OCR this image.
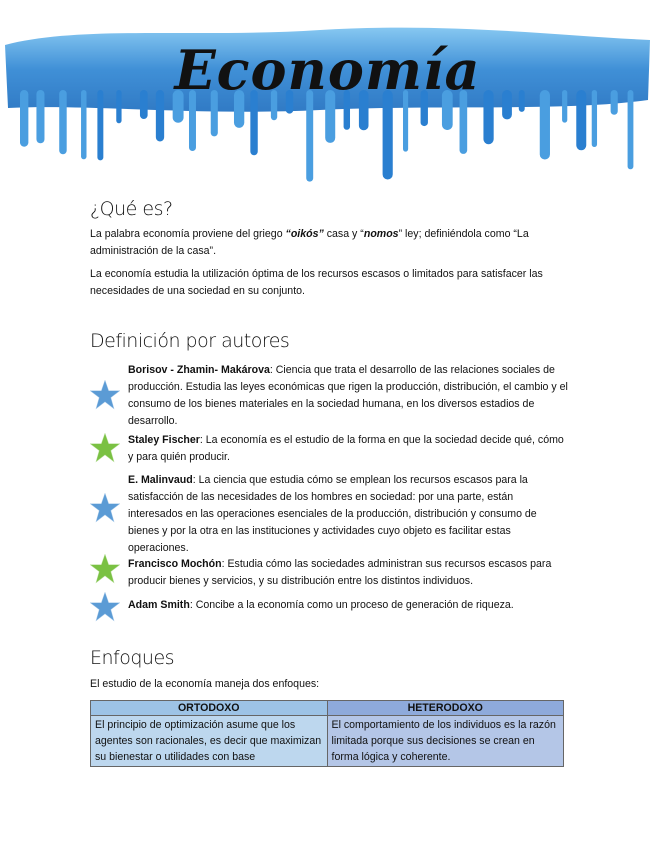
Economía
¿Qué es?
La palabra economía proviene del griego “oikós” casa y “nomos” ley; definiéndola como “La administración de la casa”.
La economía estudia la utilización óptima de los recursos escasos o limitados para satisfacer las necesidades de una sociedad en su conjunto.
Definición por autores
Borisov - Zhamin- Makárova: Ciencia que trata el desarrollo de las relaciones sociales de producción. Estudia las leyes económicas que rigen la producción, distribución, el cambio y el consumo de los bienes materiales en la sociedad humana, en los diversos estadios de desarrollo.
Staley Fischer: La economía es el estudio de la forma en que la sociedad decide qué, cómo y para quién producir.
E. Malinvaud: La ciencia que estudia cómo se emplean los recursos escasos para la satisfacción de las necesidades de los hombres en sociedad: por una parte, están interesados en las operaciones esenciales de la producción, distribución y consumo de bienes y por la otra en las instituciones y actividades cuyo objeto es facilitar estas operaciones.
Francisco Mochón: Estudia cómo las sociedades administran sus recursos escasos para producir bienes y servicios, y su distribución entre los distintos individuos.
Adam Smith: Concibe a la economía como un proceso de generación de riqueza.
Enfoques
El estudio de la economía maneja dos enfoques:
ORTODOXO	HETERODOXO
El principio de optimización asume que los agentes son racionales, es decir que maximizan su bienestar o utilidades con base	El comportamiento de los individuos es la razón limitada porque sus decisiones se crean en forma lógica y coherente.
